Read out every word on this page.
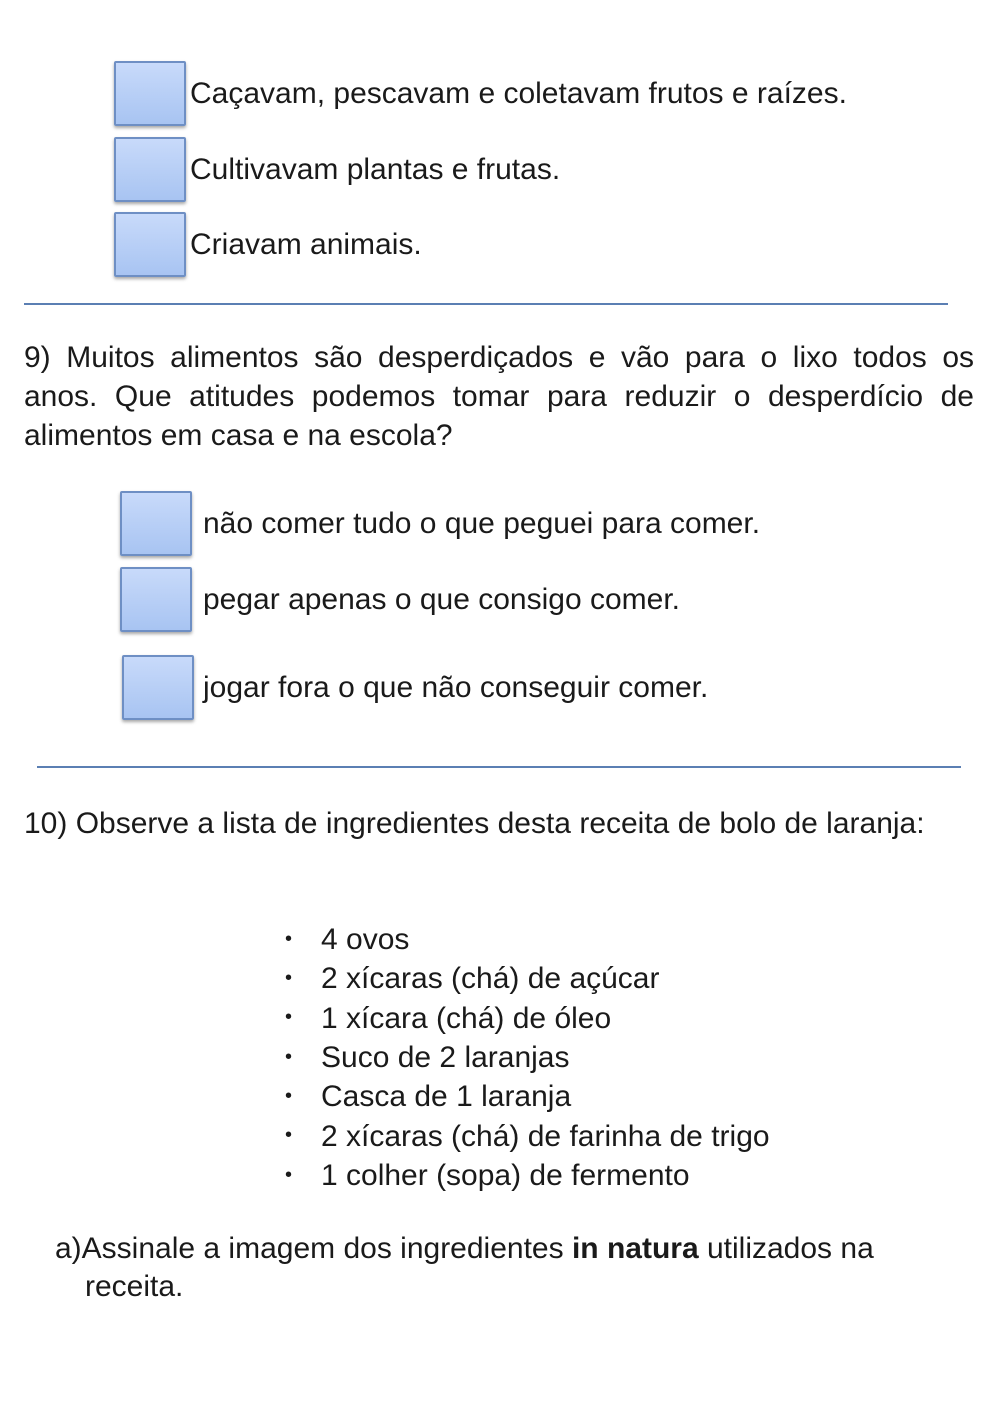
Caçavam, pescavam e coletavam frutos e raízes.
Cultivavam plantas e frutas.
Criavam animais.

9) Muitos alimentos são desperdiçados e vão para o lixo todos os anos. Que atitudes podemos tomar para reduzir o desperdício de alimentos em casa e na escola?

não comer tudo o que peguei para comer.
pegar apenas o que consigo comer.
jogar fora o que não conseguir comer.

10) Observe a lista de ingredientes desta receita de bolo de laranja:

• 4 ovos
• 2 xícaras (chá) de açúcar
• 1 xícara (chá) de óleo
• Suco de 2 laranjas
• Casca de 1 laranja
• 2 xícaras (chá) de farinha de trigo
• 1 colher (sopa) de fermento

a)Assinale a imagem dos ingredientes in natura utilizados na
receita.
